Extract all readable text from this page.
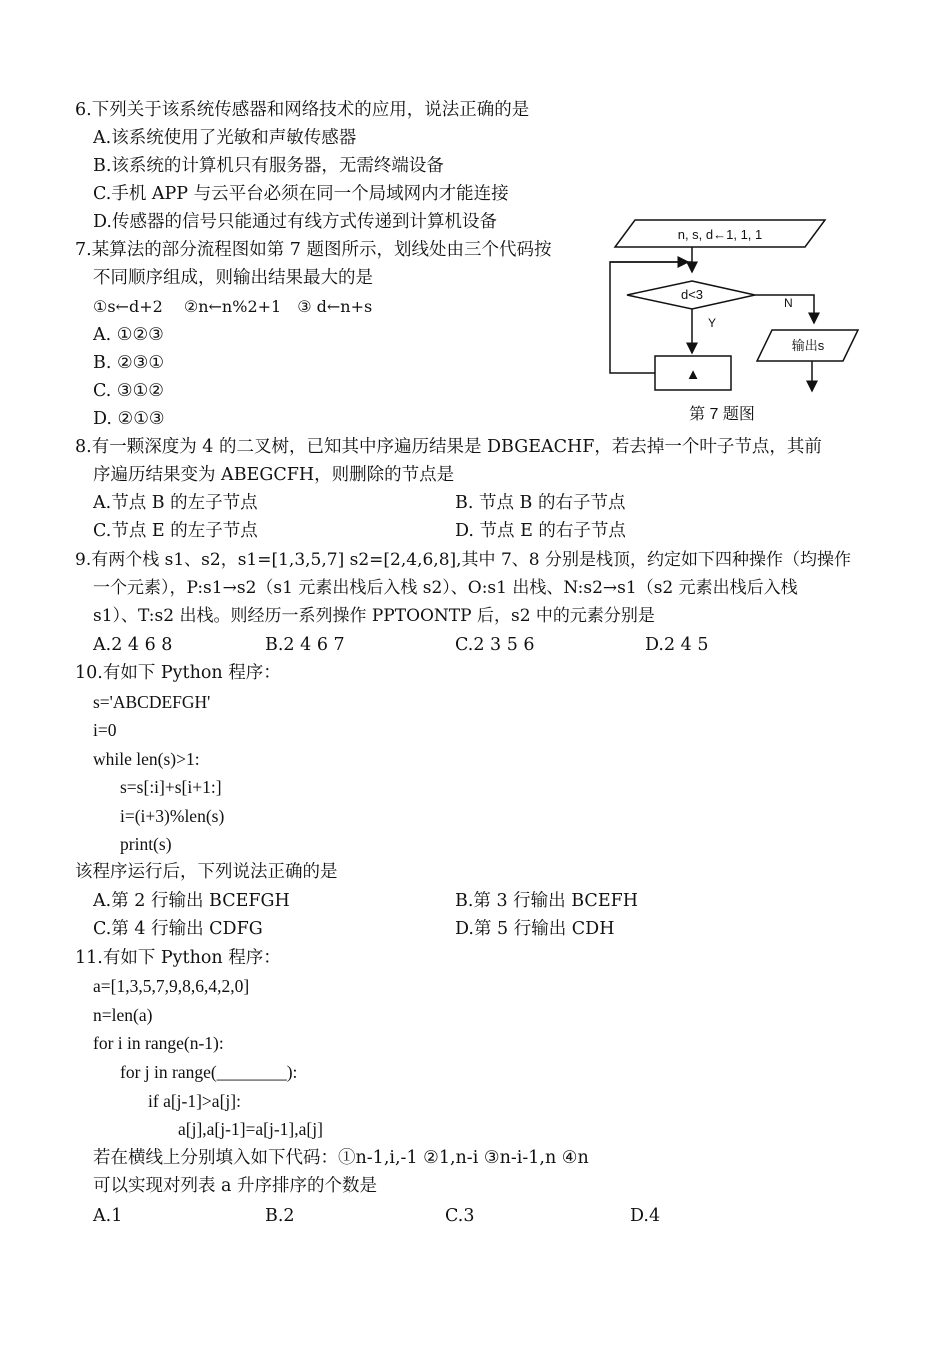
6.下列关于该系统传感器和网络技术的应用，说法正确的是
A.该系统使用了光敏和声敏传感器
B.该系统的计算机只有服务器，无需终端设备
C.手机 APP 与云平台必须在同一个局域网内才能连接
D.传感器的信号只能通过有线方式传递到计算机设备
7.某算法的部分流程图如第 7 题图所示，划线处由三个代码按
不同顺序组成，则输出结果最大的是
①s←d+2　 ②n←n%2+1　③ d←n+s
A. ①②③
B. ②③①
C. ③①②
D. ②①③
n, s, d←1, 1, 1
d<3
Y
▲
N
输出s
第 7 题图
8.有一颗深度为 4 的二叉树，已知其中序遍历结果是 DBGEACHF，若去掉一个叶子节点，其前
序遍历结果变为 ABEGCFH，则删除的节点是
A.节点 B 的左子节点	B. 节点 B 的右子节点
C.节点 E 的左子节点	D. 节点 E 的右子节点
9.有两个栈 s1、s2，s1=[1,3,5,7] s2=[2,4,6,8],其中 7、8 分别是栈顶，约定如下四种操作（均操作
一个元素），P:s1→s2（s1 元素出栈后入栈 s2）、O:s1 出栈、N:s2→s1（s2 元素出栈后入栈
s1）、T:s2 出栈。则经历一系列操作 PPTOONTP 后，s2 中的元素分别是
A.2 4 6 8	B.2 4 6 7	C.2 3 5 6	D.2 4 5
10.有如下 Python 程序：
s='ABCDEFGH'
i=0
while len(s)>1:
s=s[:i]+s[i+1:]
i=(i+3)%len(s)
print(s)
该程序运行后，下列说法正确的是
A.第 2 行输出 BCEFGH	B.第 3 行输出 BCEFH
C.第 4 行输出 CDFG	D.第 5 行输出 CDH
11.有如下 Python 程序：
a=[1,3,5,7,9,8,6,4,2,0]
n=len(a)
for i in range(n-1):
for j in range(________):
if a[j-1]>a[j]:
a[j],a[j-1]=a[j-1],a[j]
若在横线上分别填入如下代码：①n-1,i,-1 ②1,n-i ③n-i-1,n ④n
可以实现对列表 a 升序排序的个数是
A.1	B.2	C.3	D.4
